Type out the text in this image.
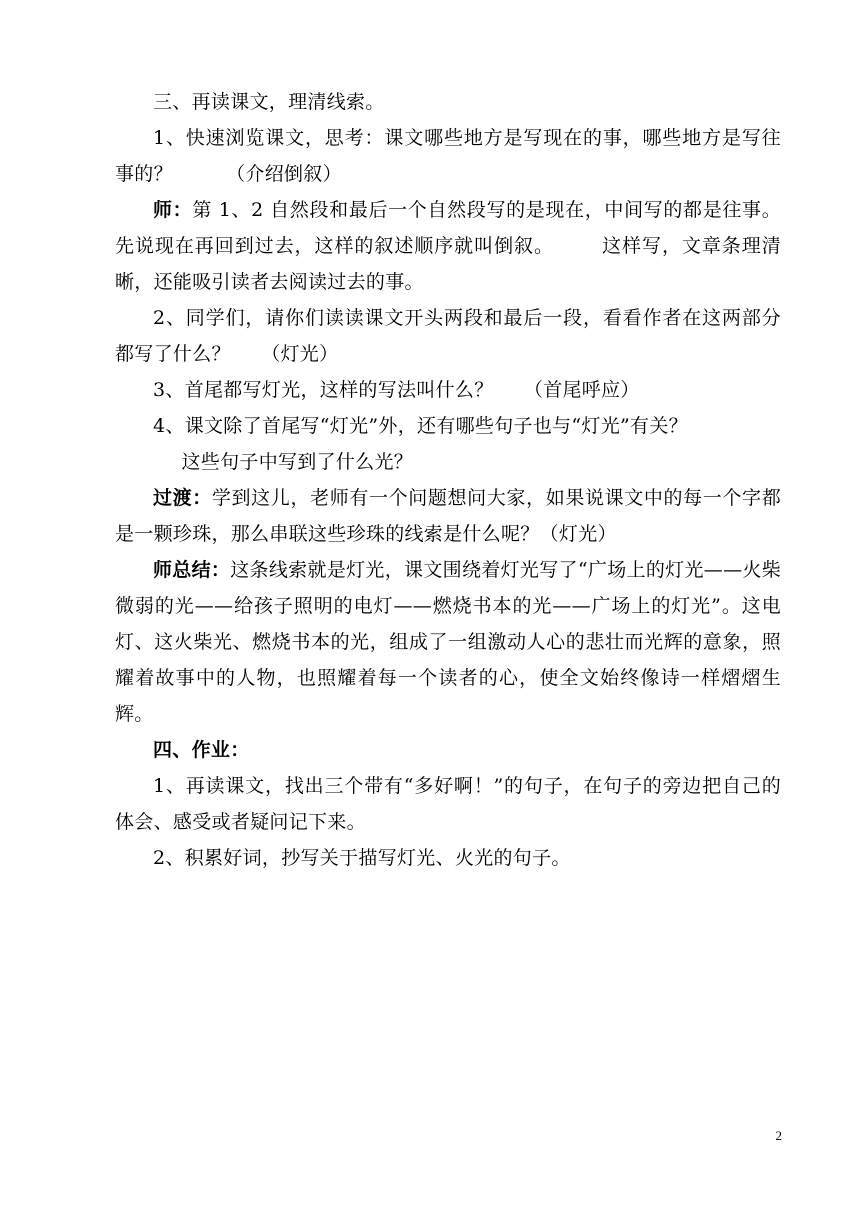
三、再读课文，理清线索。

1、快速浏览课文，思考：课文哪些地方是写现在的事，哪些地方是写往事的？	（介绍倒叙）

师：第 1、2 自然段和最后一个自然段写的是现在，中间写的都是往事。先说现在再回到过去，这样的叙述顺序就叫倒叙。	这样写，文章条理清晰，还能吸引读者去阅读过去的事。

2、同学们，请你们读读课文开头两段和最后一段，看看作者在这两部分都写了什么？ （灯光）

3、首尾都写灯光，这样的写法叫什么？ （首尾呼应）

4、课文除了首尾写“灯光”外，还有哪些句子也与“灯光”有关？

这些句子中写到了什么光？

过渡：学到这儿，老师有一个问题想问大家，如果说课文中的每一个字都是一颗珍珠，那么串联这些珍珠的线索是什么呢？（灯光）

师总结：这条线索就是灯光，课文围绕着灯光写了“广场上的灯光——火柴微弱的光——给孩子照明的电灯——燃烧书本的光——广场上的灯光”。这电灯、这火柴光、燃烧书本的光，组成了一组激动人心的悲壮而光辉的意象，照耀着故事中的人物，也照耀着每一个读者的心，使全文始终像诗一样熠熠生辉。

四、作业：

1、再读课文，找出三个带有“多好啊！”的句子，在句子的旁边把自己的体会、感受或者疑问记下来。

2、积累好词，抄写关于描写灯光、火光的句子。

2
